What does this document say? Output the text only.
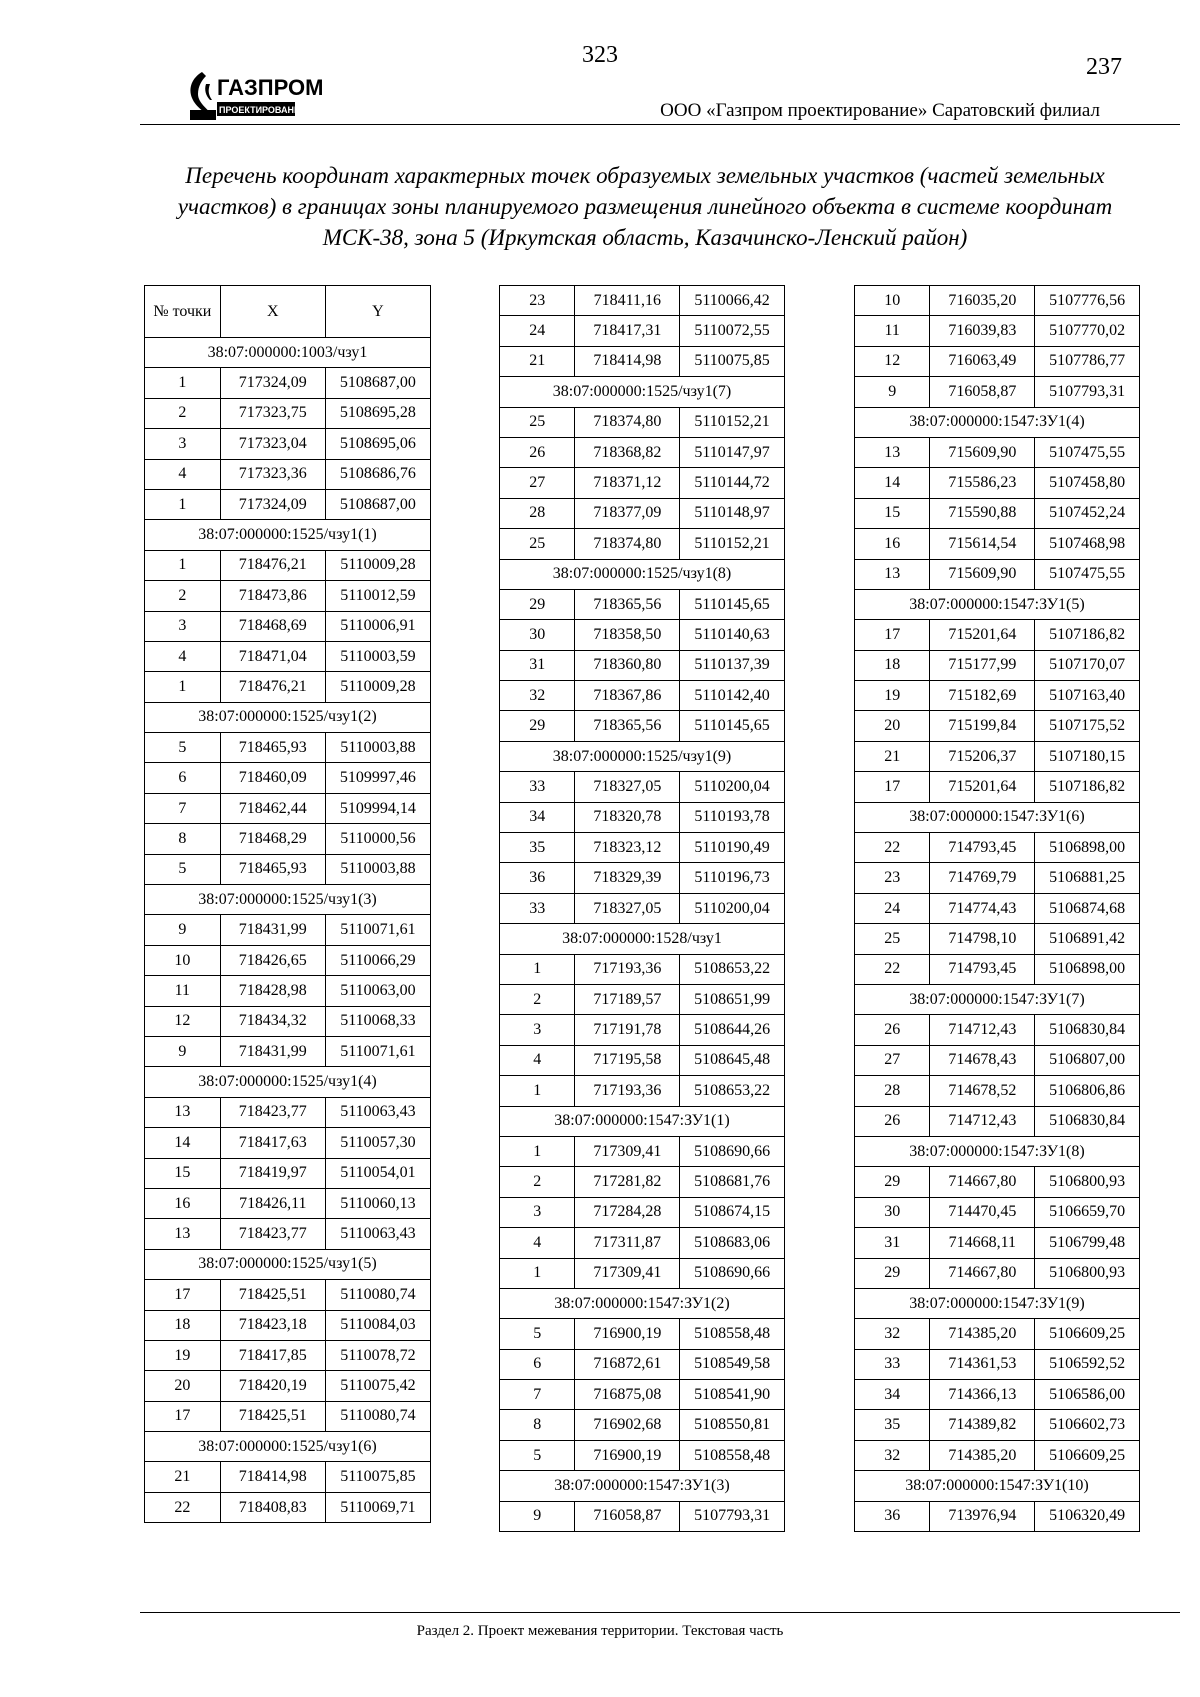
323	237
ГАЗПРОМ
ПРОЕКТИРОВАНИЕ	ООО «Газпром проектирование» Саратовский филиал
Перечень координат характерных точек образуемых земельных участков (частей земельных участков) в границах зоны планируемого размещения линейного объекта в системе координат МСК-38, зона 5 (Иркутская область, Казачинско-Ленский район)
№ точки	X	Y
38:07:000000:1003/чзу1		
1	717324,09	5108687,00
2	717323,75	5108695,28
3	717323,04	5108695,06
4	717323,36	5108686,76
1	717324,09	5108687,00
38:07:000000:1525/чзу1(1)		
1	718476,21	5110009,28
2	718473,86	5110012,59
3	718468,69	5110006,91
4	718471,04	5110003,59
1	718476,21	5110009,28
38:07:000000:1525/чзу1(2)		
5	718465,93	5110003,88
6	718460,09	5109997,46
7	718462,44	5109994,14
8	718468,29	5110000,56
5	718465,93	5110003,88
38:07:000000:1525/чзу1(3)		
9	718431,99	5110071,61
10	718426,65	5110066,29
11	718428,98	5110063,00
12	718434,32	5110068,33
9	718431,99	5110071,61
38:07:000000:1525/чзу1(4)		
13	718423,77	5110063,43
14	718417,63	5110057,30
15	718419,97	5110054,01
16	718426,11	5110060,13
13	718423,77	5110063,43
38:07:000000:1525/чзу1(5)		
17	718425,51	5110080,74
18	718423,18	5110084,03
19	718417,85	5110078,72
20	718420,19	5110075,42
17	718425,51	5110080,74
38:07:000000:1525/чзу1(6)		
21	718414,98	5110075,85
22	718408,83	5110069,71
23	718411,16	5110066,42
24	718417,31	5110072,55
21	718414,98	5110075,85
38:07:000000:1525/чзу1(7)		
25	718374,80	5110152,21
26	718368,82	5110147,97
27	718371,12	5110144,72
28	718377,09	5110148,97
25	718374,80	5110152,21
38:07:000000:1525/чзу1(8)		
29	718365,56	5110145,65
30	718358,50	5110140,63
31	718360,80	5110137,39
32	718367,86	5110142,40
29	718365,56	5110145,65
38:07:000000:1525/чзу1(9)		
33	718327,05	5110200,04
34	718320,78	5110193,78
35	718323,12	5110190,49
36	718329,39	5110196,73
33	718327,05	5110200,04
38:07:000000:1528/чзу1		
1	717193,36	5108653,22
2	717189,57	5108651,99
3	717191,78	5108644,26
4	717195,58	5108645,48
1	717193,36	5108653,22
38:07:000000:1547:ЗУ1(1)		
1	717309,41	5108690,66
2	717281,82	5108681,76
3	717284,28	5108674,15
4	717311,87	5108683,06
1	717309,41	5108690,66
38:07:000000:1547:ЗУ1(2)		
5	716900,19	5108558,48
6	716872,61	5108549,58
7	716875,08	5108541,90
8	716902,68	5108550,81
5	716900,19	5108558,48
38:07:000000:1547:ЗУ1(3)		
9	716058,87	5107793,31
10	716035,20	5107776,56
11	716039,83	5107770,02
12	716063,49	5107786,77
9	716058,87	5107793,31
38:07:000000:1547:ЗУ1(4)		
13	715609,90	5107475,55
14	715586,23	5107458,80
15	715590,88	5107452,24
16	715614,54	5107468,98
13	715609,90	5107475,55
38:07:000000:1547:ЗУ1(5)		
17	715201,64	5107186,82
18	715177,99	5107170,07
19	715182,69	5107163,40
20	715199,84	5107175,52
21	715206,37	5107180,15
17	715201,64	5107186,82
38:07:000000:1547:ЗУ1(6)		
22	714793,45	5106898,00
23	714769,79	5106881,25
24	714774,43	5106874,68
25	714798,10	5106891,42
22	714793,45	5106898,00
38:07:000000:1547:ЗУ1(7)		
26	714712,43	5106830,84
27	714678,43	5106807,00
28	714678,52	5106806,86
26	714712,43	5106830,84
38:07:000000:1547:ЗУ1(8)		
29	714667,80	5106800,93
30	714470,45	5106659,70
31	714668,11	5106799,48
29	714667,80	5106800,93
38:07:000000:1547:ЗУ1(9)		
32	714385,20	5106609,25
33	714361,53	5106592,52
34	714366,13	5106586,00
35	714389,82	5106602,73
32	714385,20	5106609,25
38:07:000000:1547:ЗУ1(10)		
36	713976,94	5106320,49
Раздел 2. Проект межевания территории. Текстовая часть
